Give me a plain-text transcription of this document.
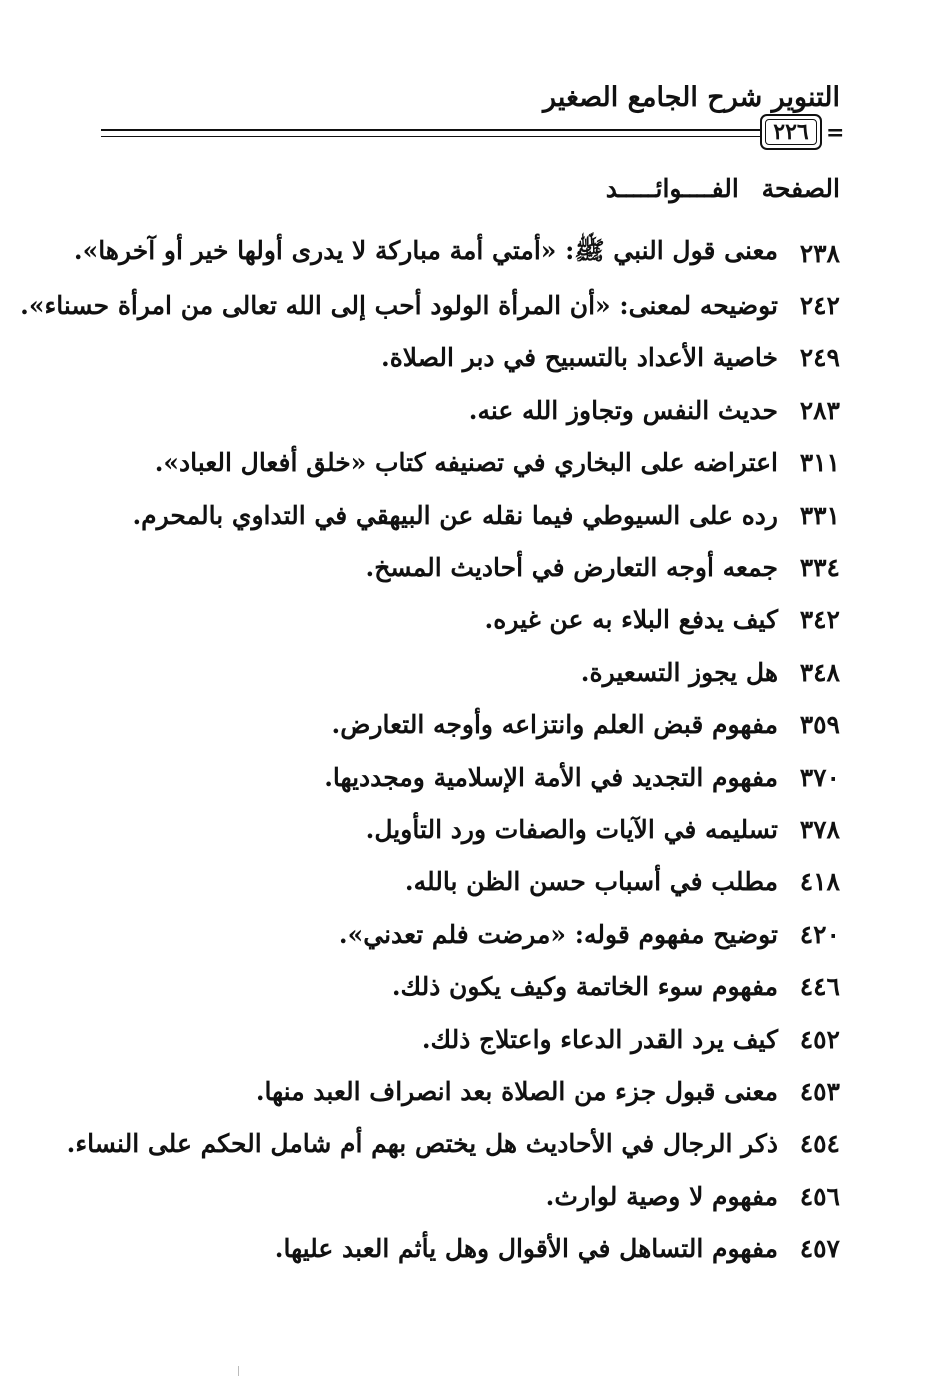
التنوير شرح الجامع الصغير
٢٢٦ =
الصفحة الفــــوائـــــد
٢٣٨
معنى قول النبي ﷺ: «أمتي أمة مباركة لا يدرى أولها خير أو آخرها».
٢٤٢
توضيحه لمعنى: «أن المرأة الولود أحب إلى الله تعالى من امرأة حسناء».
٢٤٩
خاصية الأعداد بالتسبيح في دبر الصلاة.
٢٨٣
حديث النفس وتجاوز الله عنه.
٣١١
اعتراضه على البخاري في تصنيفه كتاب «خلق أفعال العباد».
٣٣١
رده على السيوطي فيما نقله عن البيهقي في التداوي بالمحرم.
٣٣٤
جمعه أوجه التعارض في أحاديث المسخ.
٣٤٢
كيف يدفع البلاء به عن غيره.
٣٤٨
هل يجوز التسعيرة.
٣٥٩
مفهوم قبض العلم وانتزاعه وأوجه التعارض.
٣٧٠
مفهوم التجديد في الأمة الإسلامية ومجدديها.
٣٧٨
تسليمه في الآيات والصفات ورد التأويل.
٤١٨
مطلب في أسباب حسن الظن بالله.
٤٢٠
توضيح مفهوم قوله: «مرضت فلم تعدني».
٤٤٦
مفهوم سوء الخاتمة وكيف يكون ذلك.
٤٥٢
كيف يرد القدر الدعاء واعتلاج ذلك.
٤٥٣
معنى قبول جزء من الصلاة بعد انصراف العبد منها.
٤٥٤
ذكر الرجال في الأحاديث هل يختص بهم أم شامل الحكم على النساء.
٤٥٦
مفهوم لا وصية لوارث.
٤٥٧
مفهوم التساهل في الأقوال وهل يأثم العبد عليها.
